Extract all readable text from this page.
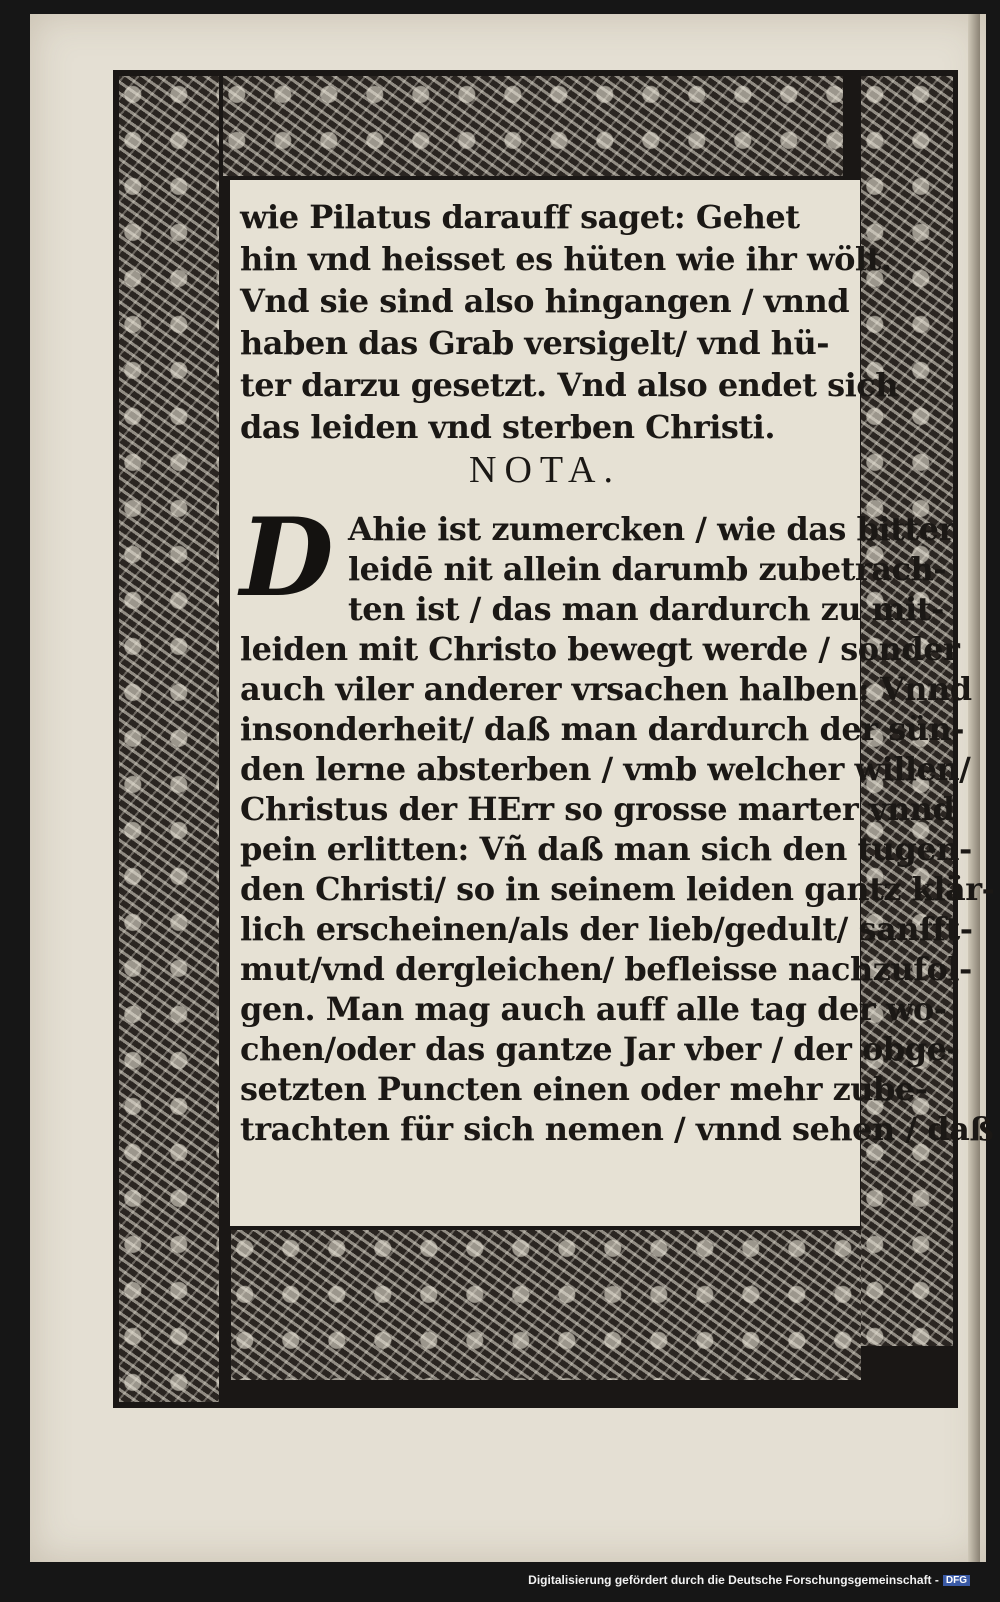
wie Pilatus darauff saget: Gehet
hin vnd heisset es hüten wie ihr wölt.
Vnd sie sind also hingangen / vnnd
haben das Grab versigelt/ vnd hü-
ter darzu gesetzt. Vnd also endet sich
das leiden vnd sterben Christi.
NOTA.
D Ahie ist zumercken / wie das bitter
leidē nit allein darumb zubetrach-
ten ist / das man dardurch zu mit-
leiden mit Christo bewegt werde / sonder
auch viler anderer vrsachen halben: Vnnd
insonderheit/ daß man dardurch der sün-
den lerne absterben / vmb welcher willen/
Christus der HErr so grosse marter vnnd
pein erlitten: Vñ daß man sich den tugen-
den Christi/ so in seinem leiden gantz klär-
lich erscheinen/als der lieb/gedult/ sanfft-
mut/vnd dergleichen/ befleisse nachzufol-
gen. Man mag auch auff alle tag der wo-
chen/oder das gantze Jar vber / der obge-
setzten Puncten einen oder mehr zube-
trachten für sich nemen / vnnd sehen / daß
Digitalisierung gefördert durch die Deutsche Forschungsgemeinschaft - DFG
